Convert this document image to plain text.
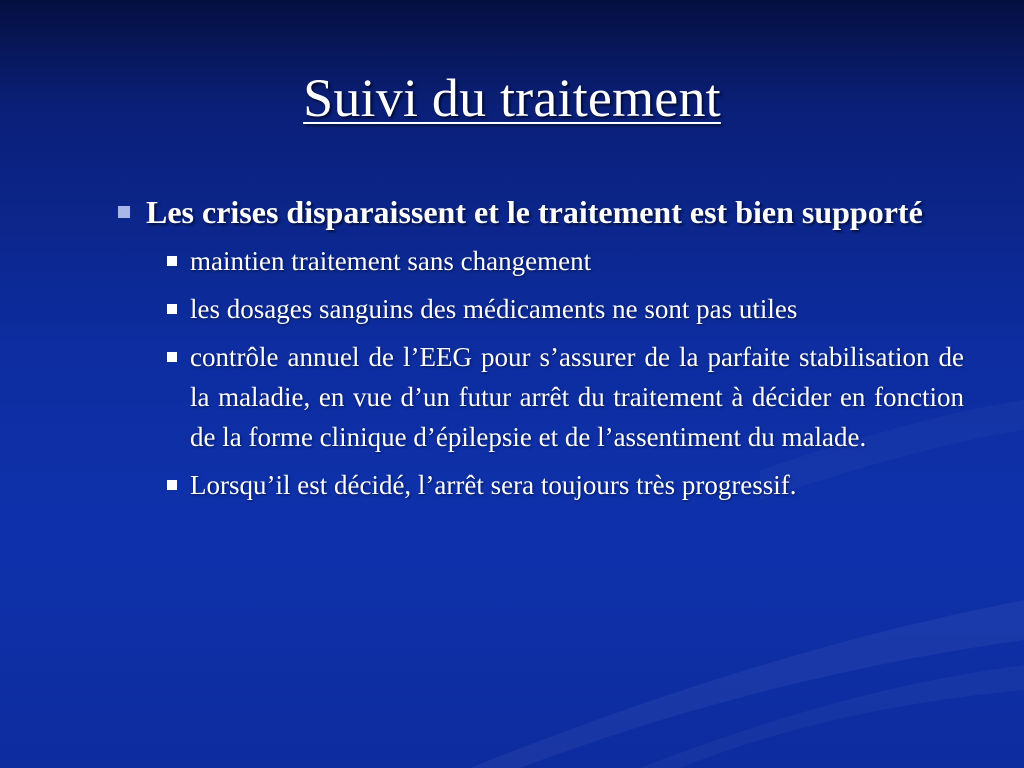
Suivi du traitement
Les crises disparaissent et le traitement est bien supporté
maintien traitement sans changement
les dosages sanguins des médicaments ne sont pas utiles
contrôle annuel de l’EEG pour s’assurer de la parfaite stabilisation de la maladie, en vue d’un futur arrêt du traitement à décider en fonction de la forme clinique d’épilepsie et de l’assentiment du malade.
Lorsqu’il est décidé, l’arrêt sera toujours très progressif.
